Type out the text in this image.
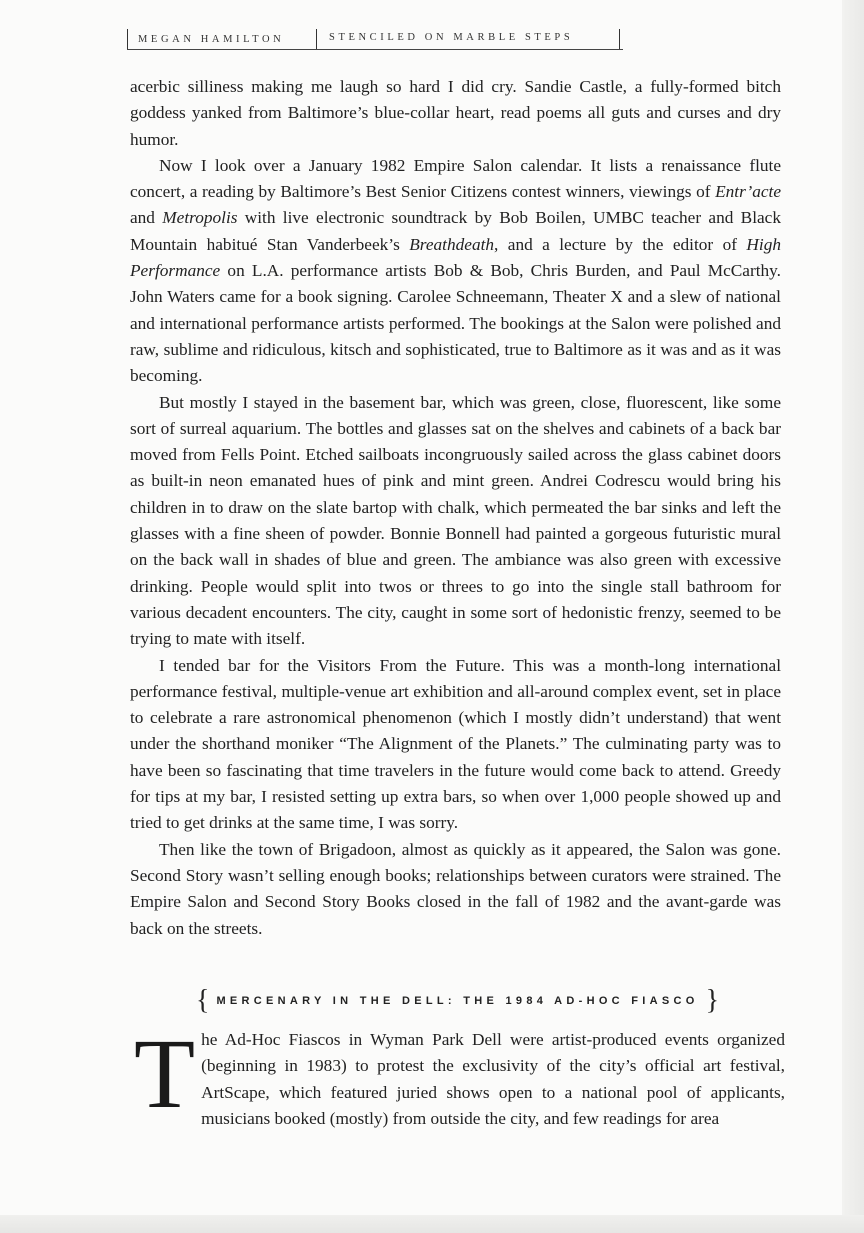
MEGAN HAMILTON	STENCILED ON MARBLE STEPS

acerbic silliness making me laugh so hard I did cry. Sandie Castle, a fully-formed bitch goddess yanked from Baltimore’s blue-collar heart, read poems all guts and curses and dry humor.

Now I look over a January 1982 Empire Salon calendar. It lists a renaissance flute concert, a reading by Baltimore’s Best Senior Citizens contest winners, viewings of Entr’acte and Metropolis with live electronic soundtrack by Bob Boilen, UMBC teacher and Black Mountain habitué Stan Vanderbeek’s Breathdeath, and a lecture by the editor of High Performance on L.A. performance artists Bob & Bob, Chris Burden, and Paul McCarthy. John Waters came for a book signing. Carolee Schneemann, Theater X and a slew of national and international performance artists performed. The bookings at the Salon were polished and raw, sublime and ridiculous, kitsch and sophisticated, true to Baltimore as it was and as it was becoming.

But mostly I stayed in the basement bar, which was green, close, fluorescent, like some sort of surreal aquarium. The bottles and glasses sat on the shelves and cabinets of a back bar moved from Fells Point. Etched sailboats incongruously sailed across the glass cabinet doors as built-in neon emanated hues of pink and mint green. Andrei Codrescu would bring his children in to draw on the slate bartop with chalk, which permeated the bar sinks and left the glasses with a fine sheen of powder. Bonnie Bonnell had painted a gorgeous futuristic mural on the back wall in shades of blue and green. The ambiance was also green with excessive drinking. People would split into twos or threes to go into the single stall bathroom for various decadent encounters. The city, caught in some sort of hedonistic frenzy, seemed to be trying to mate with itself.

I tended bar for the Visitors From the Future. This was a month-long international performance festival, multiple-venue art exhibition and all-around complex event, set in place to celebrate a rare astronomical phenomenon (which I mostly didn’t understand) that went under the shorthand moniker “The Alignment of the Planets.” The culminating party was to have been so fascinating that time travelers in the future would come back to attend. Greedy for tips at my bar, I resisted setting up extra bars, so when over 1,000 people showed up and tried to get drinks at the same time, I was sorry.

Then like the town of Brigadoon, almost as quickly as it appeared, the Salon was gone. Second Story wasn’t selling enough books; relationships between curators were strained. The Empire Salon and Second Story Books closed in the fall of 1982 and the avant-garde was back on the streets.

{ MERCENARY IN THE DELL: THE 1984 AD-HOC FIASCO }
T he Ad-Hoc Fiascos in Wyman Park Dell were artist-produced events organized (beginning in 1983) to protest the exclusivity of the city’s official art festival, ArtScape, which featured juried shows open to a national pool of applicants, musicians booked (mostly) from outside the city, and few readings for area
